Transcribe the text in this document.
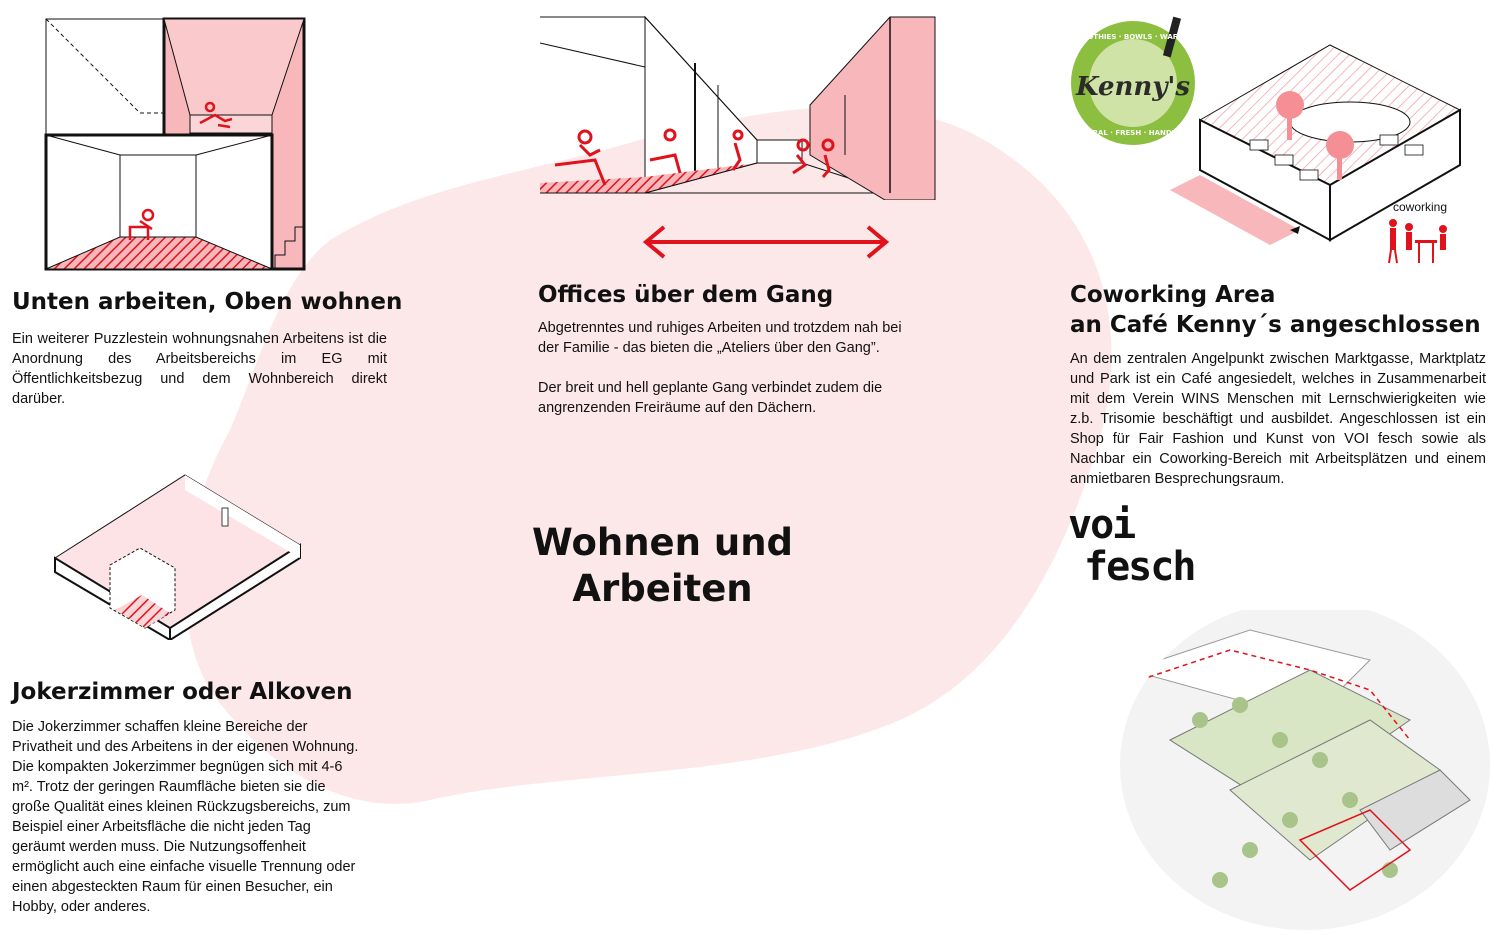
Unten arbeiten, Oben wohnen

Ein weiterer Puzzlestein wohnungsnahen Arbeitens ist die Anordnung des Arbeitsbereichs im EG mit Öffentlichkeitsbezug und dem Wohnbereich direkt darüber.

Offices über dem Gang

Abgetrenntes und ruhiges Arbeiten und trotzdem nah bei der Familie - das bieten die „Ateliers über den Gang”.

Der breit und hell geplante Gang verbindet zudem die angrenzenden Freiräume auf den Dächern.

Kenny's
SMOOTHIES · BOWLS · WAFFLES
NATURAL · FRESH · HANDMADE
coworking
Coworking Area
an Café Kenny´s angeschlossen

An dem zentralen Angelpunkt zwischen Marktgasse, Marktplatz und Park ist ein Café angesiedelt, welches in Zusammenarbeit mit dem Verein WINS Menschen mit Lernschwierigkeiten wie z.b. Trisomie beschäftigt und ausbildet. Angeschlossen ist ein Shop für Fair Fashion und Kunst von VOI fesch sowie als Nachbar ein Coworking-Bereich mit Arbeitsplätzen und einem anmietbaren Besprechungsraum.

voi
fesch
Wohnen und
Arbeiten
Jokerzimmer oder Alkoven

Die Jokerzimmer schaffen kleine Bereiche der Privatheit und des Arbeitens in der eigenen Wohnung. Die kompakten Jokerzimmer begnügen sich mit 4-6 m². Trotz der geringen Raumfläche bieten sie die große Qualität eines kleinen Rückzugsbereichs, zum Beispiel einer Arbeitsfläche die nicht jeden Tag geräumt werden muss. Die Nutzungsoffenheit ermöglicht auch eine einfache visuelle Trennung oder einen abgesteckten Raum für einen Besucher, ein Hobby, oder anderes.
